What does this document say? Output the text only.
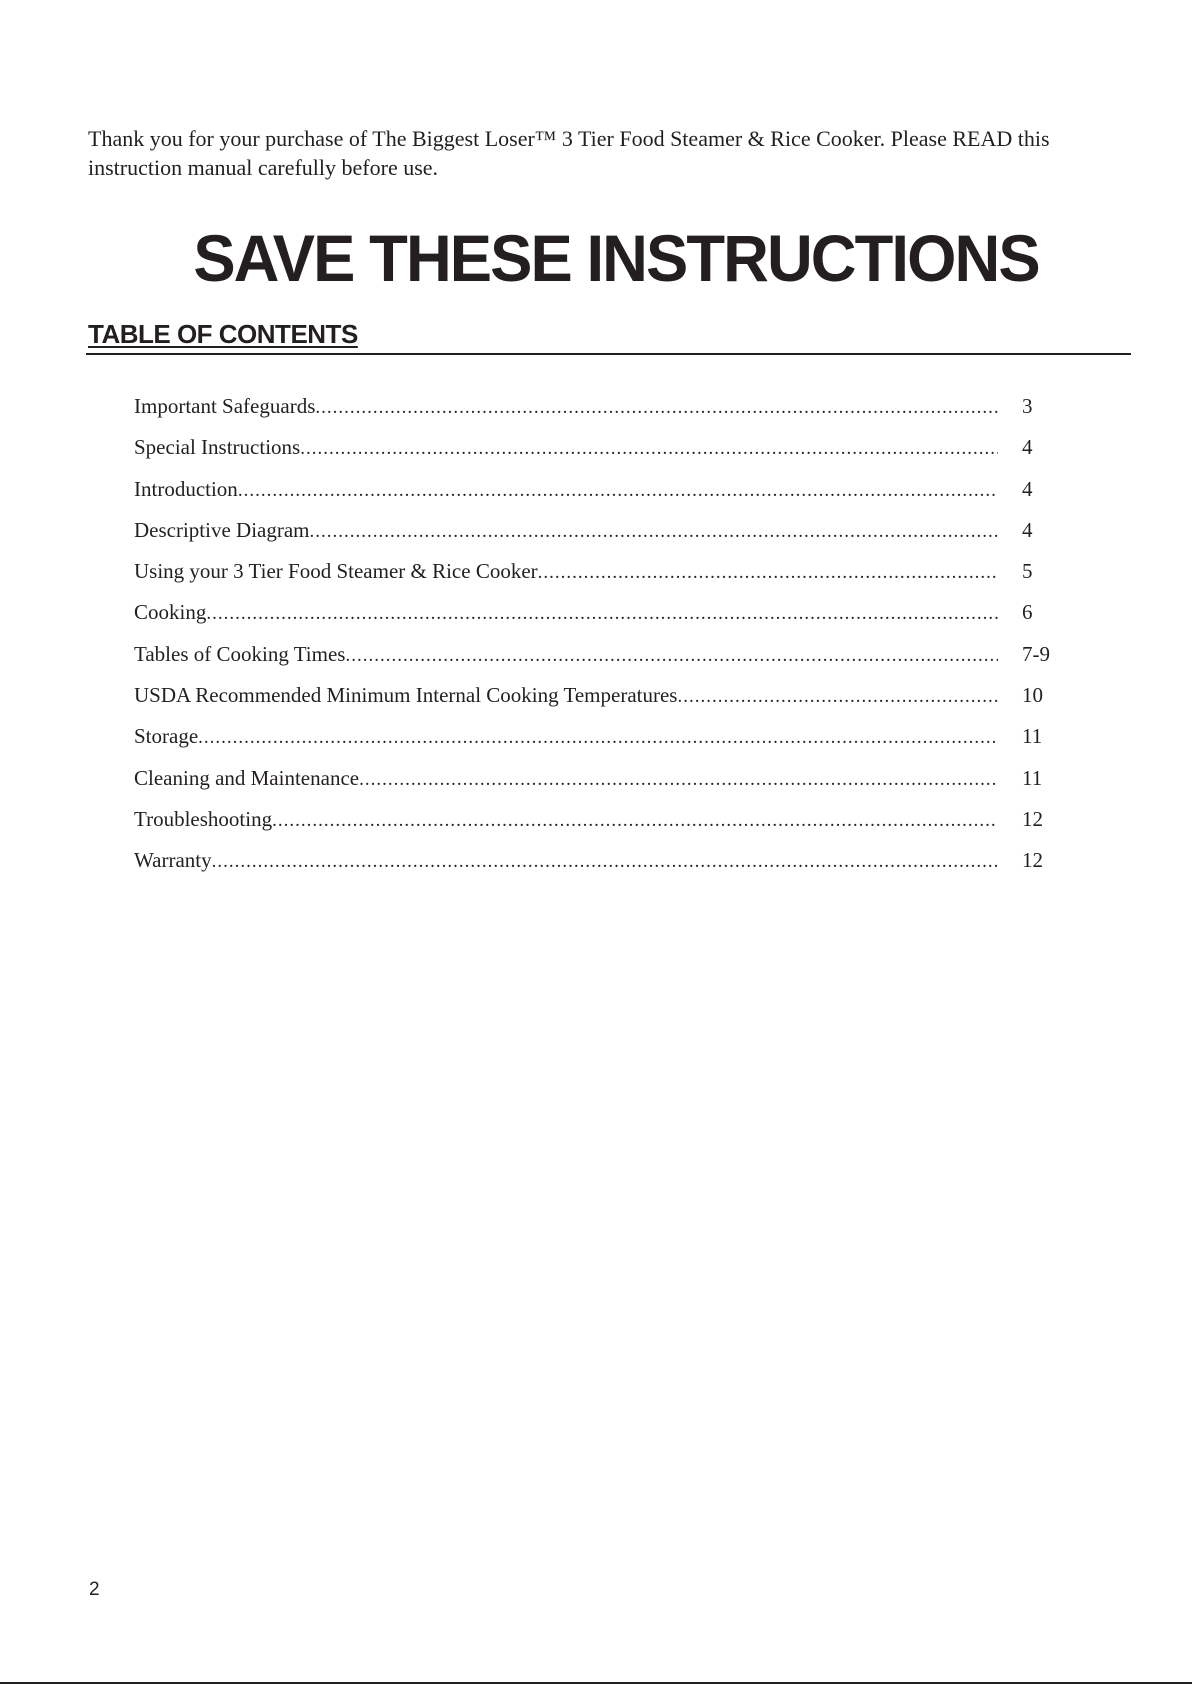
Thank you for your purchase of The Biggest Loser™ 3 Tier Food Steamer & Rice Cooker. Please READ this instruction manual carefully before use.

SAVE THESE INSTRUCTIONS
TABLE OF CONTENTS
Important Safeguards .....	3
Special Instructions .....	4
Introduction .....	4
Descriptive Diagram .....	4
Using your 3 Tier Food Steamer & Rice Cooker .....	5
Cooking .....	6
Tables of Cooking Times .....	7-9
USDA Recommended Minimum Internal Cooking Temperatures .....	10
Storage .....	11
Cleaning and Maintenance .....	11
Troubleshooting .....	12
Warranty .....	12
2
